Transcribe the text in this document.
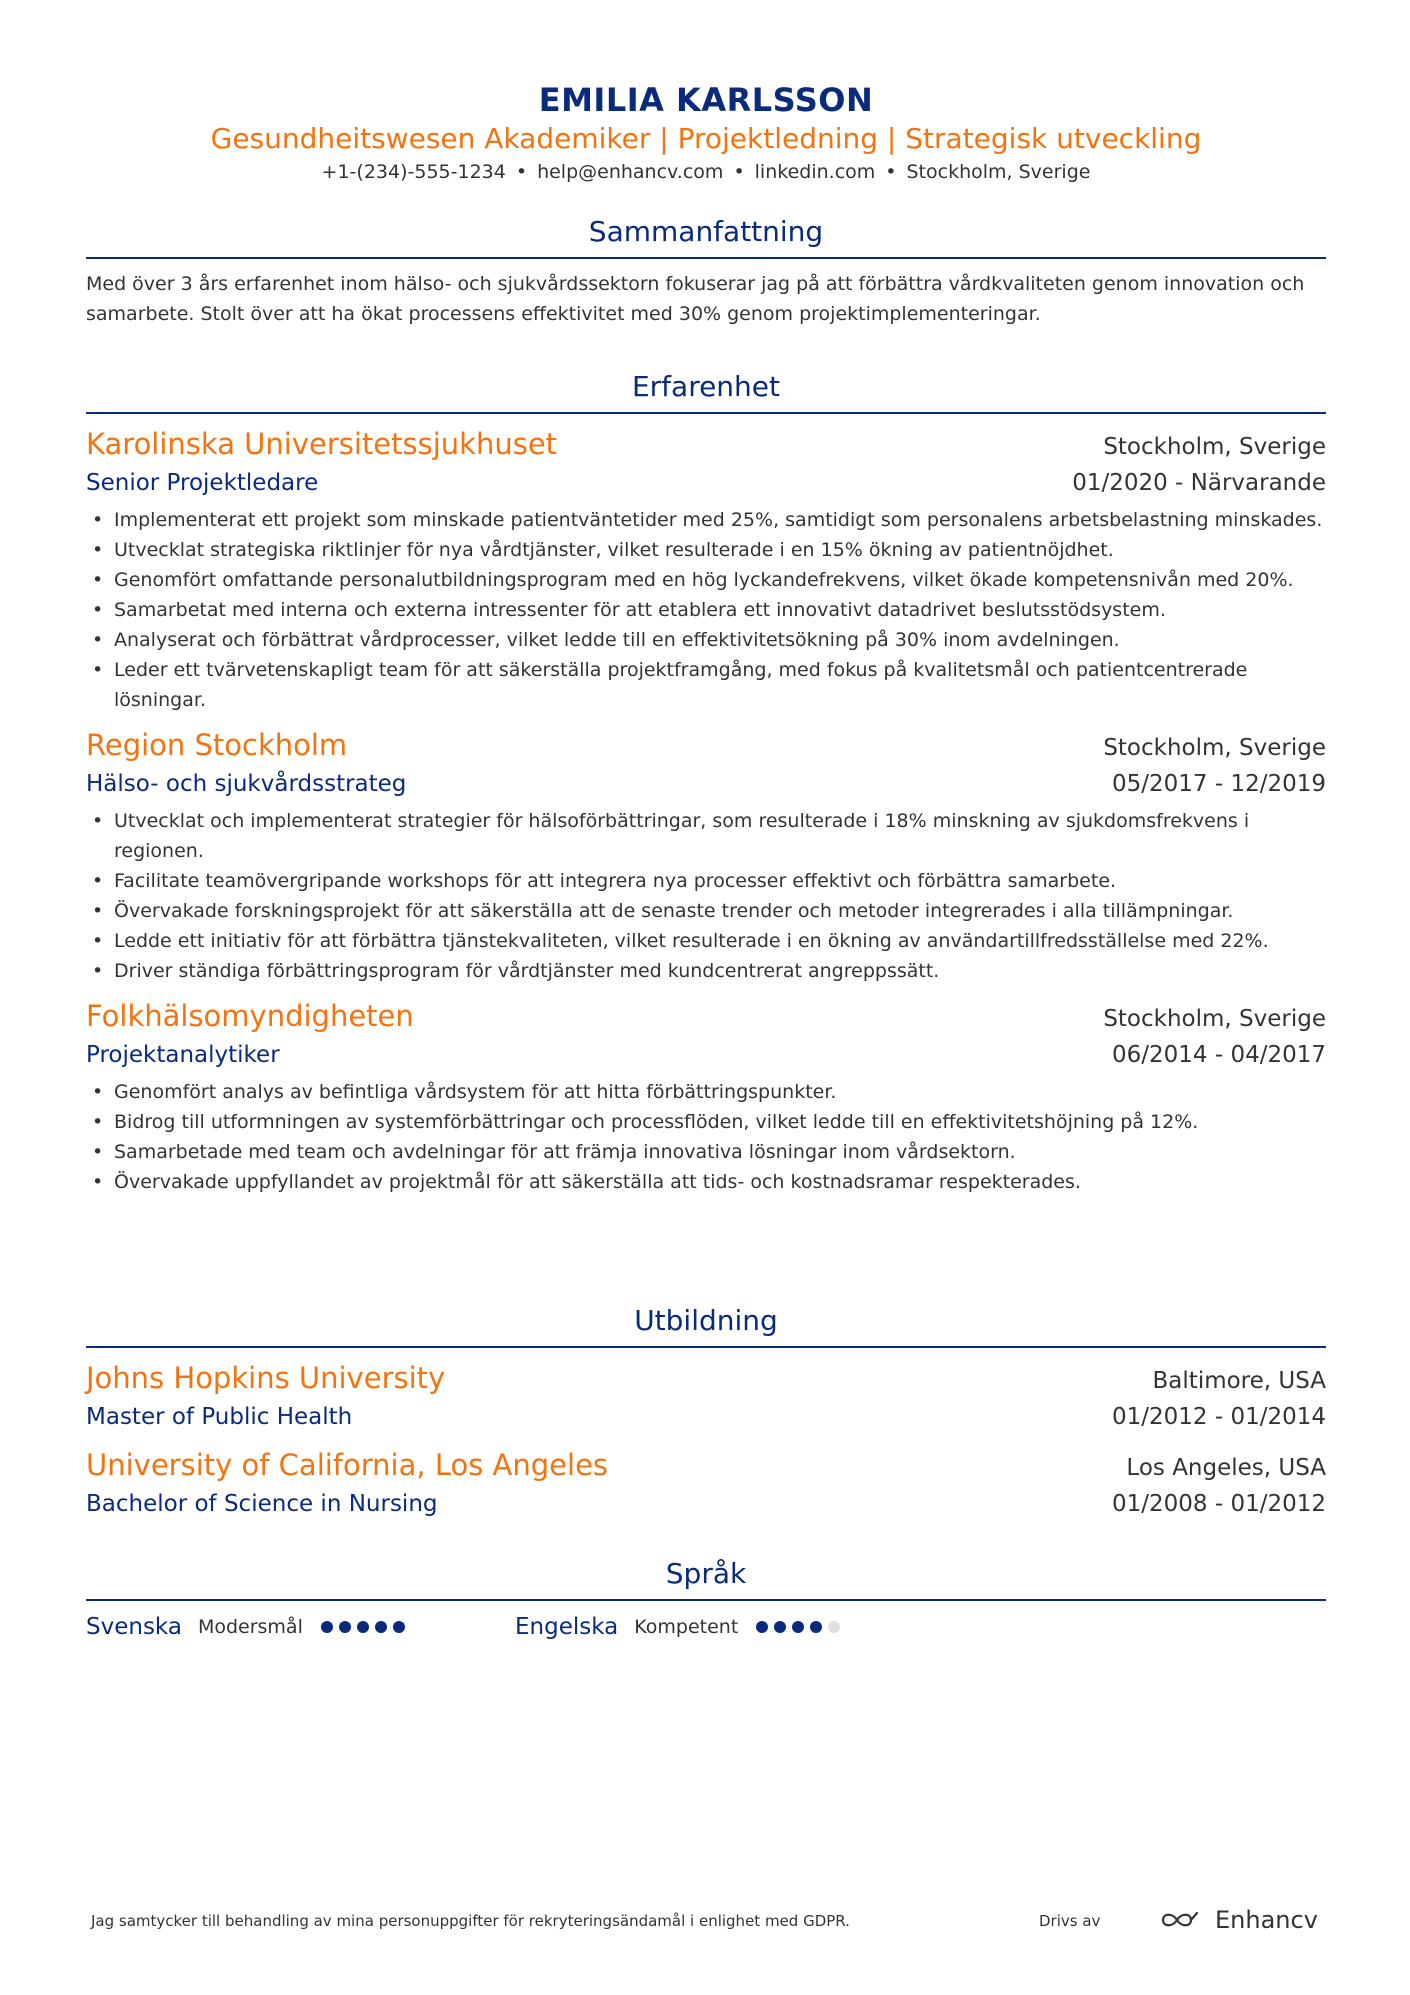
EMILIA KARLSSON
Gesundheitswesen Akademiker | Projektledning | Strategisk utveckling
+1-(234)-555-1234 • help@enhancv.com • linkedin.com • Stockholm, Sverige
Sammanfattning
Med över 3 års erfarenhet inom hälso- och sjukvårdssektorn fokuserar jag på att förbättra vårdkvaliteten genom innovation och samarbete. Stolt över att ha ökat processens effektivitet med 30% genom projektimplementeringar.
Erfarenhet
Karolinska Universitetssjukhuset	Stockholm, Sverige
Senior Projektledare	01/2020 - Närvarande
• Implementerat ett projekt som minskade patientväntetider med 25%, samtidigt som personalens arbetsbelastning minskades.
• Utvecklat strategiska riktlinjer för nya vårdtjänster, vilket resulterade i en 15% ökning av patientnöjdhet.
• Genomfört omfattande personalutbildningsprogram med en hög lyckandefrekvens, vilket ökade kompetensnivån med 20%.
• Samarbetat med interna och externa intressenter för att etablera ett innovativt datadrivet beslutsstödsystem.
• Analyserat och förbättrat vårdprocesser, vilket ledde till en effektivitetsökning på 30% inom avdelningen.
• Leder ett tvärvetenskapligt team för att säkerställa projektframgång, med fokus på kvalitetsmål och patientcentrerade lösningar.
Region Stockholm	Stockholm, Sverige
Hälso- och sjukvårdsstrateg	05/2017 - 12/2019
• Utvecklat och implementerat strategier för hälsoförbättringar, som resulterade i 18% minskning av sjukdomsfrekvens i regionen.
• Facilitate teamövergripande workshops för att integrera nya processer effektivt och förbättra samarbete.
• Övervakade forskningsprojekt för att säkerställa att de senaste trender och metoder integrerades i alla tillämpningar.
• Ledde ett initiativ för att förbättra tjänstekvaliteten, vilket resulterade i en ökning av användartillfredsställelse med 22%.
• Driver ständiga förbättringsprogram för vårdtjänster med kundcentrerat angreppssätt.
Folkhälsomyndigheten	Stockholm, Sverige
Projektanalytiker	06/2014 - 04/2017
• Genomfört analys av befintliga vårdsystem för att hitta förbättringspunkter.
• Bidrog till utformningen av systemförbättringar och processflöden, vilket ledde till en effektivitetshöjning på 12%.
• Samarbetade med team och avdelningar för att främja innovativa lösningar inom vårdsektorn.
• Övervakade uppfyllandet av projektmål för att säkerställa att tids- och kostnadsramar respekterades.
Utbildning
Johns Hopkins University	Baltimore, USA
Master of Public Health	01/2012 - 01/2014
University of California, Los Angeles	Los Angeles, USA
Bachelor of Science in Nursing	01/2008 - 01/2012
Språk
Svenska Modersmål	Engelska Kompetent
Jag samtycker till behandling av mina personuppgifter för rekryteringsändamål i enlighet med GDPR.	Drivs av	Enhancv
